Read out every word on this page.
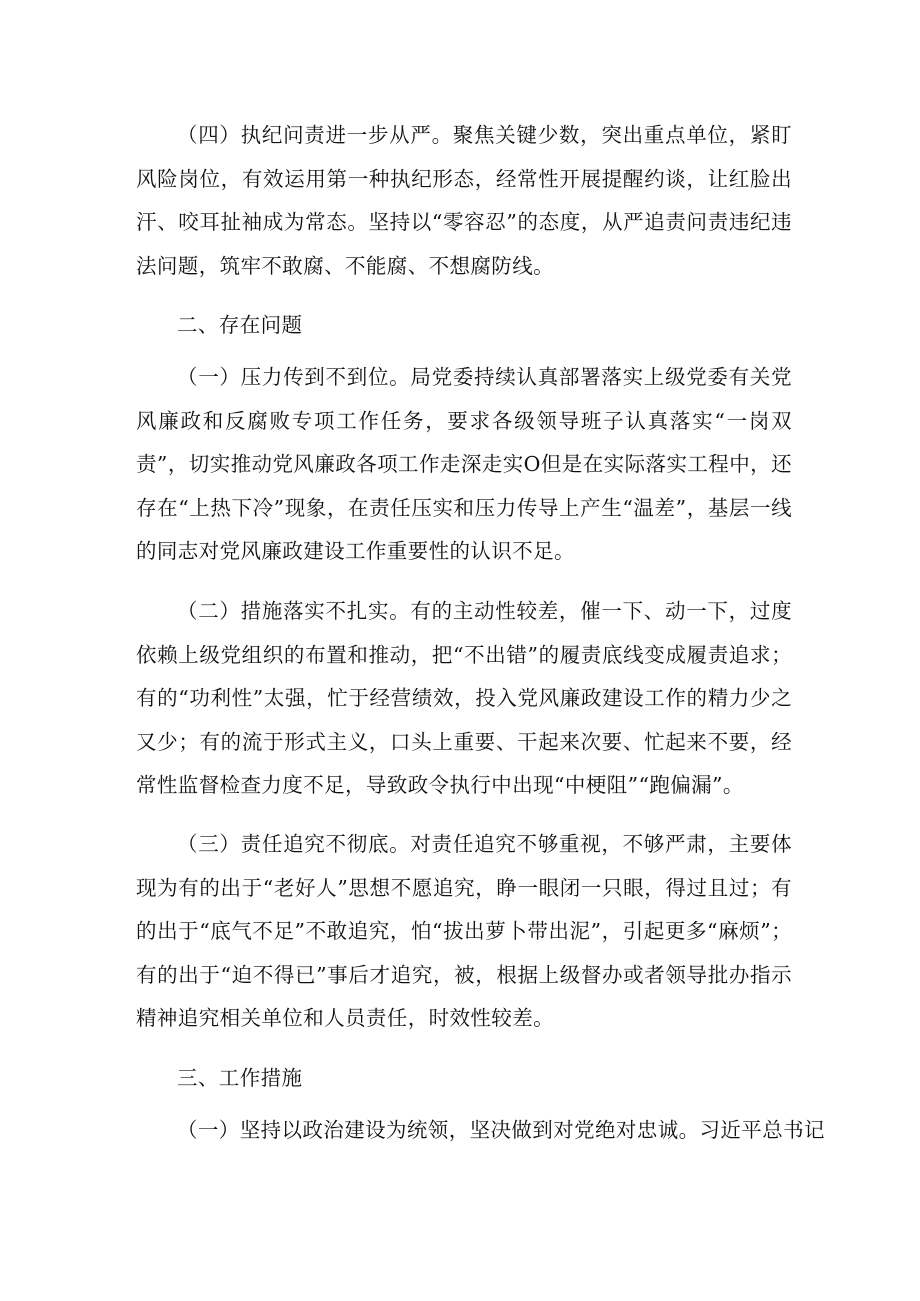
（四）执纪问责进一步从严。聚焦关键少数，突出重点单位，紧盯风险岗位，有效运用第一种执纪形态，经常性开展提醒约谈，让红脸出汗、咬耳扯袖成为常态。坚持以“零容忍”的态度，从严追责问责违纪违法问题，筑牢不敢腐、不能腐、不想腐防线。

二、存在问题

（一）压力传到不到位。局党委持续认真部署落实上级党委有关党风廉政和反腐败专项工作任务，要求各级领导班子认真落实“一岗双责”，切实推动党风廉政各项工作走深走实O但是在实际落实工程中，还存在“上热下冷”现象，在责任压实和压力传导上产生“温差”，基层一线的同志对党风廉政建设工作重要性的认识不足。

（二）措施落实不扎实。有的主动性较差，催一下、动一下，过度依赖上级党组织的布置和推动，把“不出错”的履责底线变成履责追求；有的“功利性”太强，忙于经营绩效，投入党风廉政建设工作的精力少之又少；有的流于形式主义，口头上重要、干起来次要、忙起来不要，经常性监督检查力度不足，导致政令执行中出现“中梗阻”“跑偏漏”。

（三）责任追究不彻底。对责任追究不够重视，不够严肃，主要体现为有的出于“老好人”思想不愿追究，睁一眼闭一只眼，得过且过；有的出于“底气不足”不敢追究，怕“拔出萝卜带出泥”，引起更多“麻烦”；有的出于“迫不得已”事后才追究，被，根据上级督办或者领导批办指示精神追究相关单位和人员责任，时效性较差。

三、工作措施

（一）坚持以政治建设为统领，坚决做到对党绝对忠诚。习近平总书记
